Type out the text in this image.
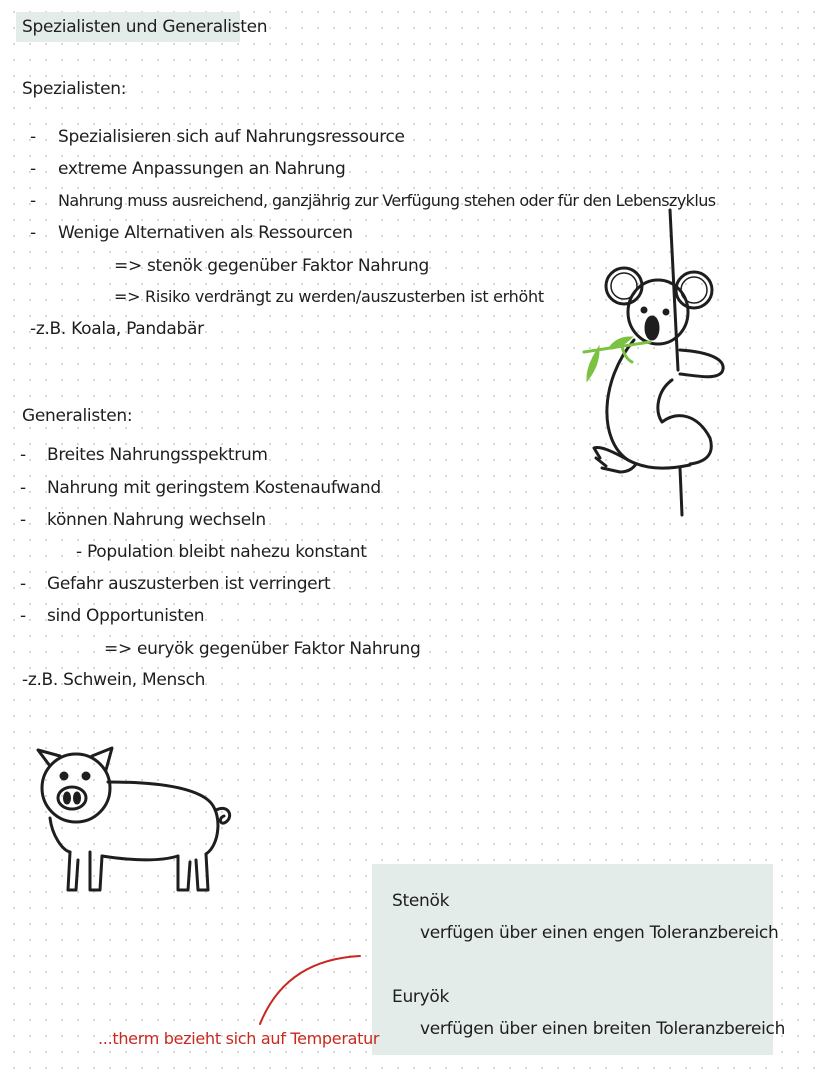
Spezialisten und Generalisten
Spezialisten:
- Spezialisieren sich auf Nahrungsressource
- extreme Anpassungen an Nahrung
- Nahrung muss ausreichend, ganzjährig zur Verfügung stehen oder für den Lebenszyklus
- Wenige Alternativen als Ressourcen
=> stenök gegenüber Faktor Nahrung
=> Risiko verdrängt zu werden/auszusterben ist erhöht
-z.B. Koala, Pandabär
Generalisten:
- Breites Nahrungsspektrum
- Nahrung mit geringstem Kostenaufwand
- können Nahrung wechseln
- Population bleibt nahezu konstant
- Gefahr auszusterben ist verringert
- sind Opportunisten
=> euryök gegenüber Faktor Nahrung
-z.B. Schwein, Mensch
Stenök
verfügen über einen engen Toleranzbereich
Euryök
verfügen über einen breiten Toleranzbereich
...therm bezieht sich auf Temperatur
